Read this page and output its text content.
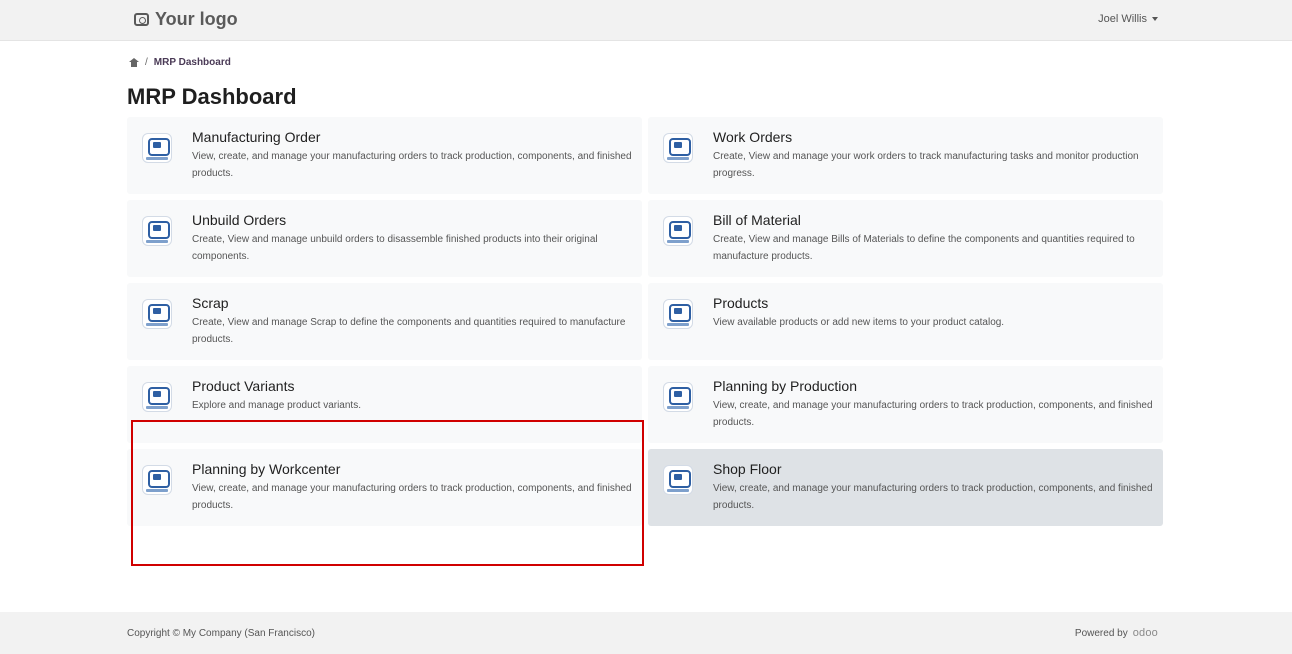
Your logo	Joel Willis
/ MRP Dashboard
MRP Dashboard
Manufacturing Order
View, create, and manage your manufacturing orders to track production, components, and finished products.
Work Orders
Create, View and manage your work orders to track manufacturing tasks and monitor production progress.
Unbuild Orders
Create, View and manage unbuild orders to disassemble finished products into their original components.
Bill of Material
Create, View and manage Bills of Materials to define the components and quantities required to manufacture products.
Scrap
Create, View and manage Scrap to define the components and quantities required to manufacture products.
Products
View available products or add new items to your product catalog.
Product Variants
Explore and manage product variants.
Planning by Production
View, create, and manage your manufacturing orders to track production, components, and finished products.
Planning by Workcenter
View, create, and manage your manufacturing orders to track production, components, and finished products.
Shop Floor
View, create, and manage your manufacturing orders to track production, components, and finished products.
Copyright © My Company (San Francisco)	Powered by odoo
